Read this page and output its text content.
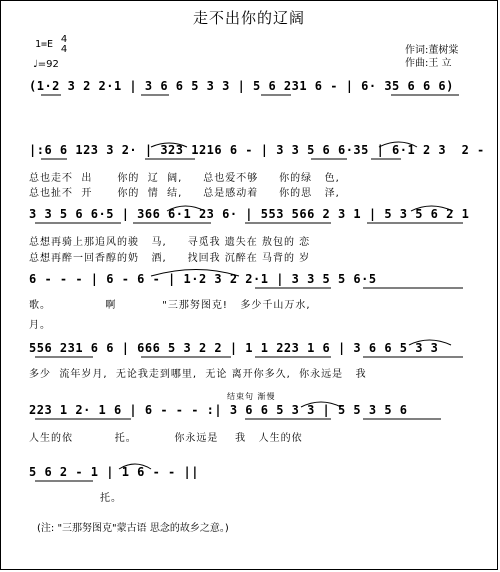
走不出你的辽阔
1=E 4
4
♩=92
作词:董树棠
作曲:王 立
(1·2 3 2 2·1 | 3 6 6 5 3 3 | 5 6 231 6 - | 6· 35 6 6 6)
|:6 6 123 3 2· | 323 1216 6 - | 3 3 5 6 6·35 | 6·1 2 3  2 -
总也走不  出      你的  辽  阔,     总也爱不够     你的绿   色,
总也扯不  开      你的  情  结,     总是感动着     你的思   泽,
3 3 5 6 6·5 | 366 6·1 23 6· | 553 566 2 3 1 | 5 3 5 6 2 1
总想再骑上那追风的骏   马,     寻觅我 遗失在 敖包的 恋
总想再醉一回香醇的奶   酒,     找回我 沉醉在 马背的 岁
6 - - - | 6 - 6 - | 1·2 3 2 2·1 | 3 3 5 5 6·5
歌。             啊           "三那努图克!   多少千山万水,
月。
556 231 6 6 | 666 5 3 2 2 | 1 1 223 1 6 | 3 6 6 5 3 3
多少  流年岁月,  无论我走到哪里,  无论 离开你多久,  你永远是   我
结束句 渐慢
223 1 2· 1 6 | 6 - - - :| 3 6 6 5 3 3 | 5 5 3 5 6
人生的依          托。         你永远是    我   人生的依
5 6 2 - 1 | 1 6 - - ||
托。
(注: "三那努图克"蒙古语 思念的故乡之意。)
